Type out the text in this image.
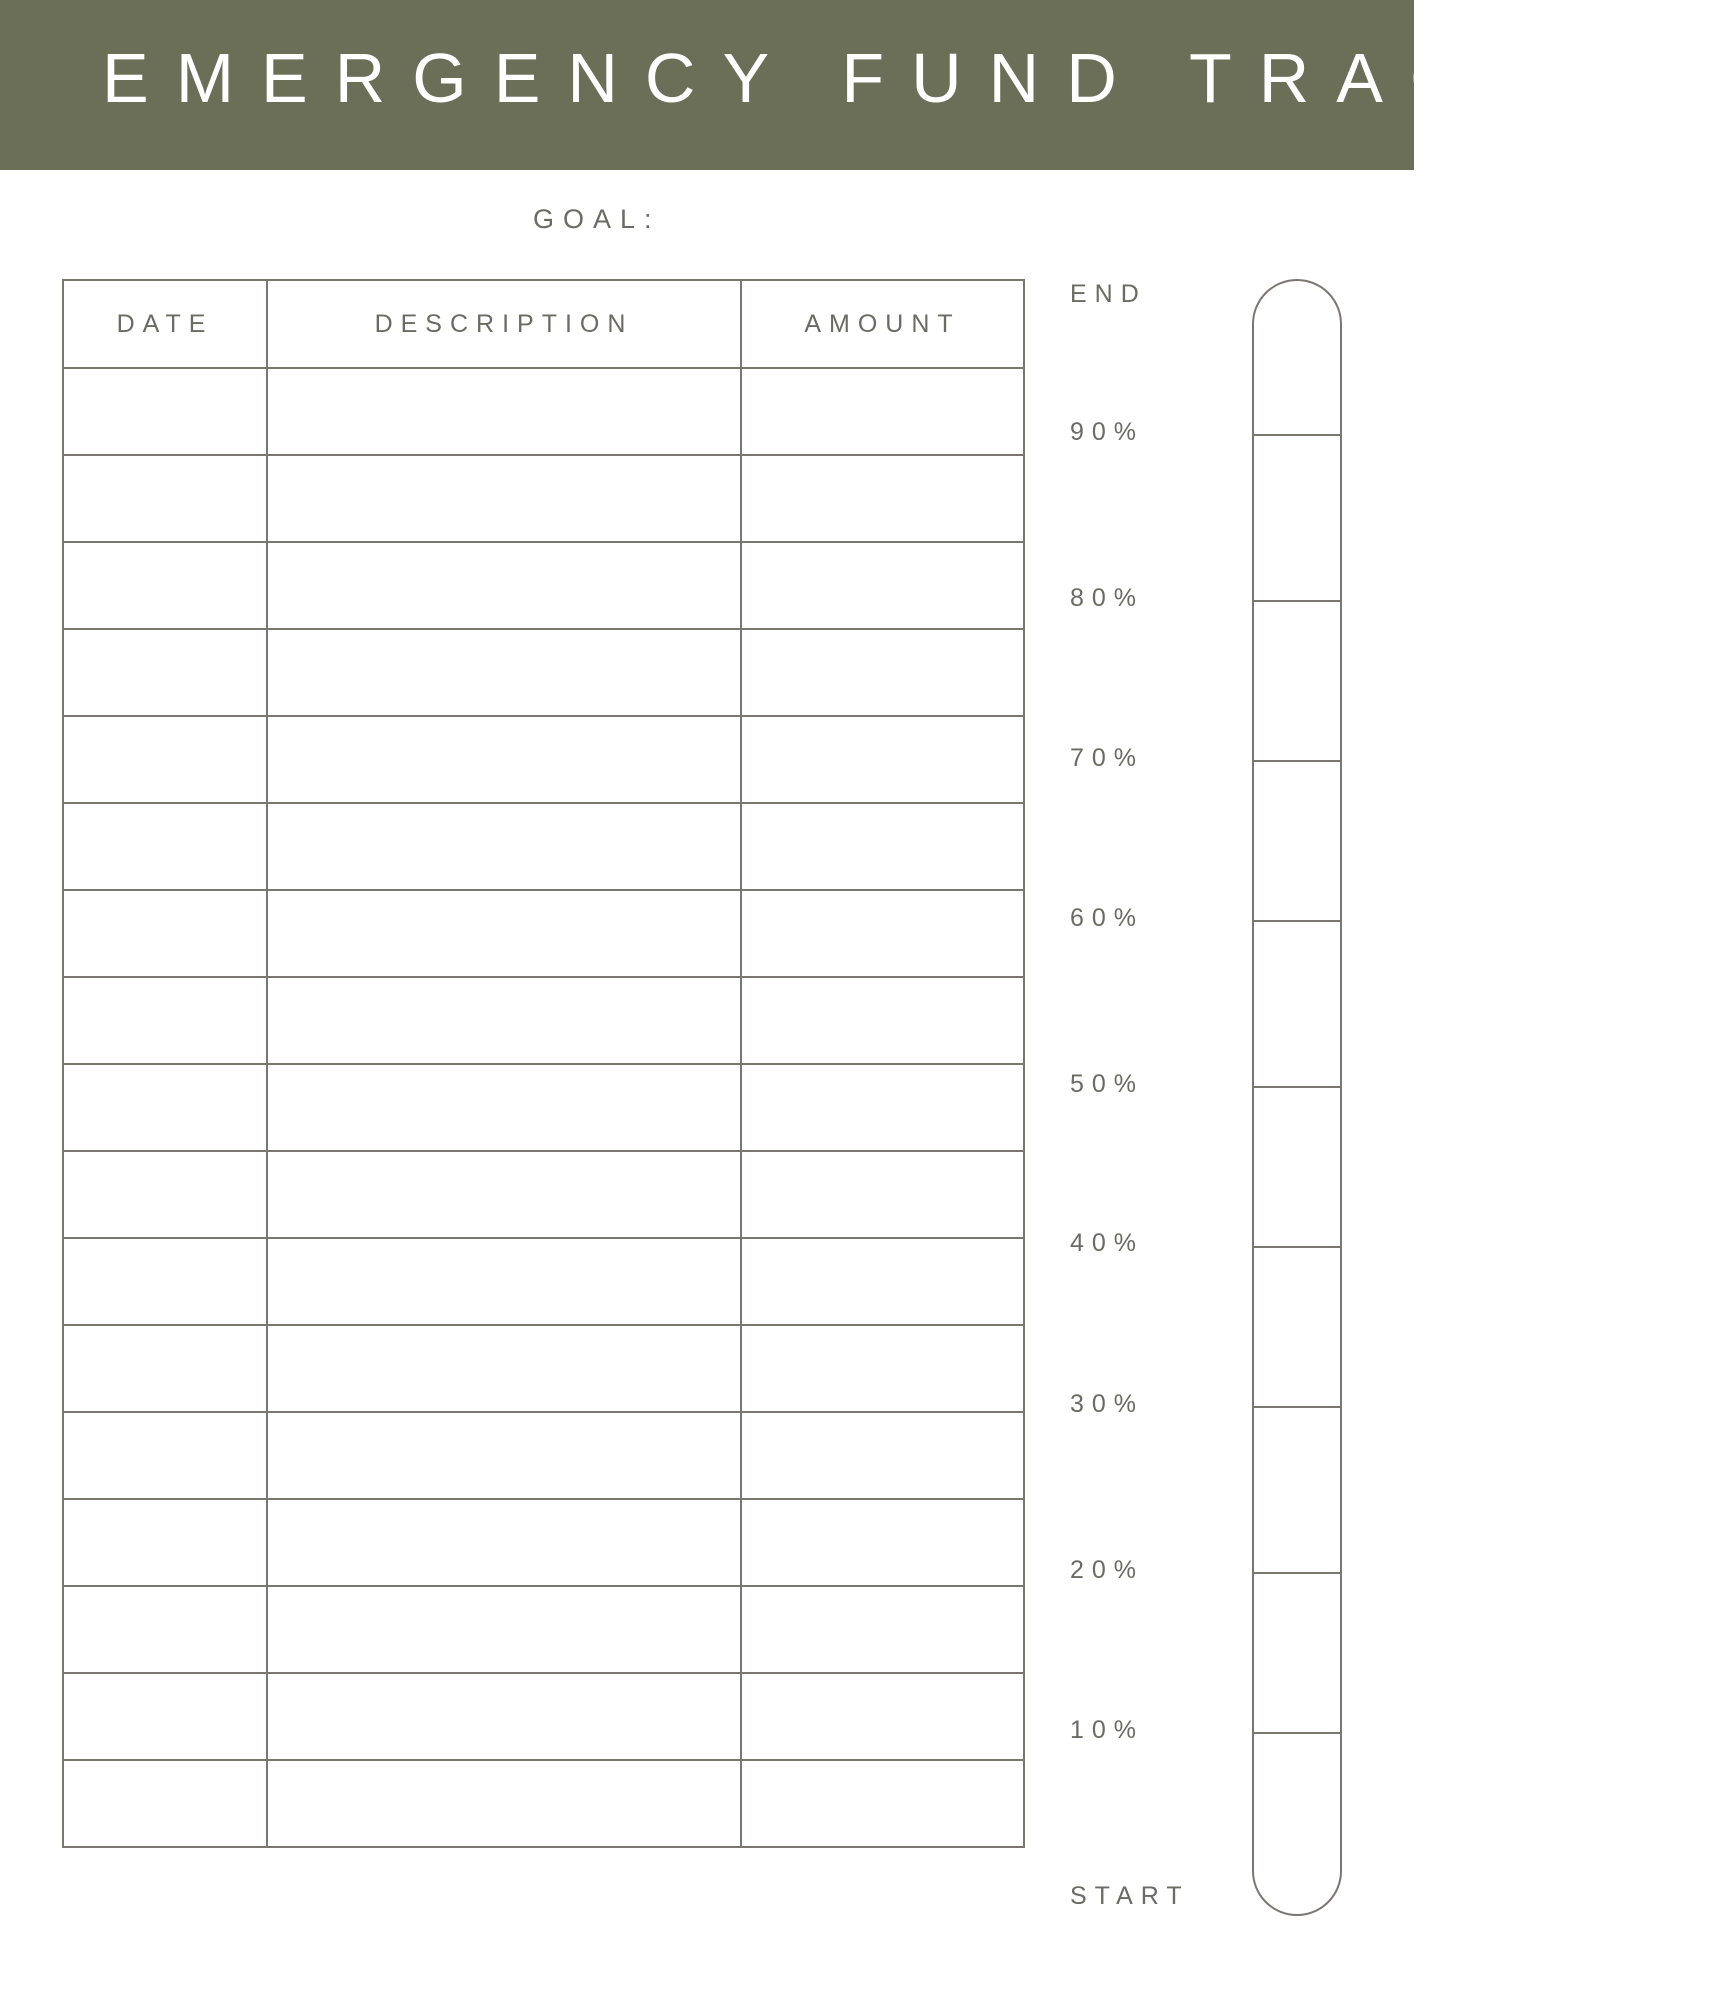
EMERGENCY FUND TRACKER
GOAL:
DATE	DESCRIPTION	AMOUNT

END
90%
80%
70%
60%
50%
40%
30%
20%
10%
START
